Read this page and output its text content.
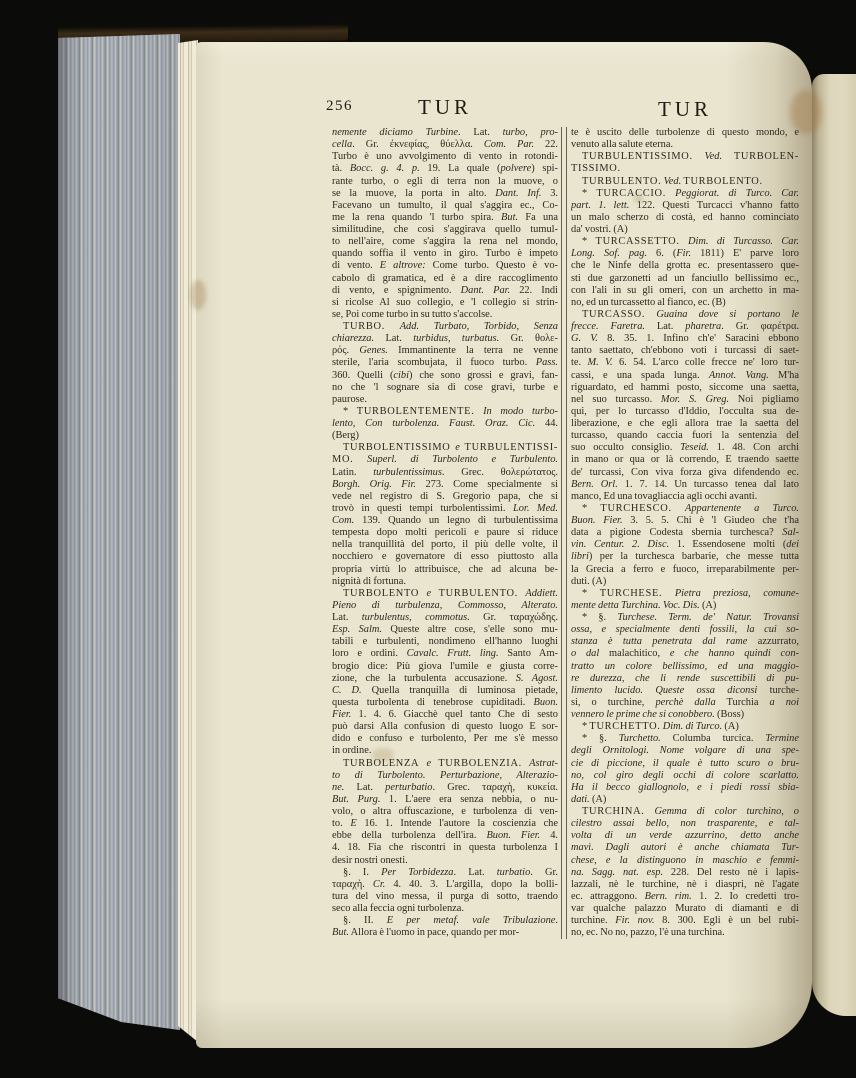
256	TUR	TUR
nemente diciamo Turbine. Lat. turbo, pro-
cella. Gr. ἐκνεφίας, θύελλα. Com. Par. 22.
Turbo è uno avvolgimento di vento in rotondi-
tà. Bocc. g. 4. p. 19. La quale (polvere) spi-
rante turbo, o egli di terra non la muove, o
se la muove, la porta in alto. Dant. Inf. 3.
Facevano un tumulto, il qual s'aggira ec., Co-
me la rena quando 'l turbo spira. But. Fa una
similitudine, che così s'aggirava quello tumul-
to nell'aire, come s'aggira la rena nel mondo,
quando soffia il vento in giro. Turbo è impeto
di vento. E altrove: Come turbo. Questo è vo-
cabolo di gramatica, ed è a dire raccoglimento
di vento, e spignimento. Dant. Par. 22. Indi
si ricolse Al suo collegio, e 'l collegio si strin-
se, Poi come turbo in su tutto s'accolse.
TURBO. Add. Turbato, Torbido, Senza
chiarezza. Lat. turbidus, turbatus. Gr. θολε-
ρός. Genes. Immantinente la terra ne venne
sterile, l'aria scombujata, il fuoco turbo. Pass.
360. Quelli (cibi) che sono grossi e gravi, fan-
no che 'l sognare sia di cose gravi, turbe e
paurose.
* TURBOLENTEMENTE. In modo turbo-
lento, Con turbolenza. Faust. Oraz. Cic. 44.
(Berg)
TURBOLENTISSIMO e TURBULENTISSI-
MO. Superl. di Turbolento e Turbulento.
Latin. turbulentissimus. Grec. θολερώτατος.
Borgh. Orig. Fir. 273. Come specialmente si
vede nel registro di S. Gregorio papa, che si
trovò in questi tempi turbolentissimi. Lor. Med.
Com. 139. Quando un legno di turbulentissima
tempesta dopo molti pericoli e paure si riduce
nella tranquillità del porto, il più delle volte, il
nocchiero e governatore di esso piuttosto alla
propria virtù lo attribuisce, che ad alcuna be-
nignità di fortuna.
TURBOLENTO e TURBULENTO. Addiett.
Pieno di turbulenza, Commosso, Alterato.
Lat. turbulentus, commotus. Gr. ταραχώδης.
Esp. Salm. Queste altre cose, s'elle sono mu-
tabili e turbulenti, nondimeno ell'hanno luoghi
loro e ordini. Cavalc. Frutt. ling. Santo Am-
brogio dice: Più giova l'umile e giusta corre-
zione, che la turbulenta accusazione. S. Agost.
C. D. Quella tranquilla di luminosa pietade,
questa turbolenta di tenebrose cupiditadi. Buon.
Fier. 1. 4. 6. Giacchè quel tanto Che di sesto
può darsi Alla confusion di questo luogo E sor-
dido e confuso e turbolento, Per me s'è messo
in ordine.
TURBOLENZA e TURBOLENZIA. Astrat-
to di Turbolento. Perturbazione, Alterazio-
ne. Lat. perturbatio. Grec. ταραχὴ, κυκεία.
But. Purg. 1. L'aere era senza nebbia, o nu-
volo, o altra offuscazione, e turbolenza di ven-
to. E 16. 1. Intende l'autore la coscienzia che
ebbe della turbolenza dell'ira. Buon. Fier. 4.
4. 18. Fia che riscontri in questa turbolenza I
desir nostri onesti.
§. I. Per Torbidezza. Lat. turbatio. Gr.
ταραχὴ. Cr. 4. 40. 3. L'argilla, dopo la bolli-
tura del vino messa, il purga di sotto, traendo
seco alla feccia ogni turbolenza.
§. II. E per metaf. vale Tribulazione.
But. Allora è l'uomo in pace, quando per mor-
te è uscito delle turbolenze di questo mondo, e
venuto alla salute eterna.
TURBULENTISSIMO. Ved. TURBOLEN-
TISSIMO.
TURBULENTO. Ved. TURBOLENTO.
* TURCACCIO. Peggiorat. di Turco. Car.
part. 1. lett. 122. Questi Turcacci v'hanno fatto
un malo scherzo di costà, ed hanno cominciato
da' vostri. (A)
* TURCASSETTO. Dim. di Turcasso. Car.
Long. Sof. pag. 6. (Fir. 1811) E' parve loro
che le Ninfe della grotta ec. presentassero que-
sti due garzonetti ad un fanciullo bellissimo ec.,
con l'ali in su gli omeri, con un archetto in ma-
no, ed un turcassetto al fianco, ec. (B)
TURCASSO. Guaina dove si portano le
frecce. Faretra. Lat. pharetra. Gr. φαρέτρα.
G. V. 8. 35. 1. Infino ch'e' Saracini ebbono
tanto saettato, ch'ebbono voti i turcassi di saet-
te. M. V. 6. 54. L'arco colle frecce ne' loro tur-
cassi, e una spada lunga. Annot. Vang. M'ha
riguardato, ed hammi posto, siccome una saetta,
nel suo turcasso. Mor. S. Greg. Noi pigliamo
qui, per lo turcasso d'Iddio, l'occulta sua de-
liberazione, e che egli allora trae la saetta del
turcasso, quando caccia fuori la sentenzia del
suo occulto consiglio. Teseid. 1. 48. Con archi
in mano or qua or là correndo, E traendo saette
de' turcassi, Con viva forza giva difendendo ec.
Bern. Orl. 1. 7. 14. Un turcasso tenea dal lato
manco, Ed una tovagliaccia agli occhi avanti.
* TURCHESCO. Appartenente a Turco.
Buon. Fier. 3. 5. 5. Chi è 'l Giudeo che t'ha
data a pigione Codesta sbernia turchesca? Sal-
vin. Centur. 2. Disc. 1. Essendosene molti (dei
libri) per la turchesca barbarie, che messe tutta
la Grecia a ferro e fuoco, irreparabilmente per-
duti. (A)
* TURCHESE. Pietra preziosa, comune-
mente detta Turchina. Voc. Dis. (A)
* §. Turchese. Term. de' Natur. Trovansi
ossa, e specialmente denti fossili, la cui so-
stanza è tutta penetrata dal rame azzurrato,
o dal malachitico, e che hanno quindi con-
tratto un colore bellissimo, ed una maggio-
re durezza, che li rende suscettibili di pu-
limento lucido. Queste ossa diconsi turche-
si, o turchine, perchè dalla Turchia a noi
vennero le prime che si conobbero. (Boss)
* TURCHETTO. Dim. di Turco. (A)
* §. Turchetto. Columba turcica. Termine
degli Ornitologi. Nome volgare di una spe-
cie di piccione, il quale è tutto scuro o bru-
no, col giro degli occhi di colore scarlatto.
Ha il becco giallognolo, e i piedi rossi sbia-
dati. (A)
TURCHINA. Gemma di color turchino, o
cilestro assai bello, non trasparente, e tal-
volta di un verde azzurrino, detto anche
mavì. Dagli autori è anche chiamata Tur-
chese, e la distinguono in maschio e femmi-
na. Sagg. nat. esp. 228. Del resto nè i lapis-
lazzali, nè le turchine, nè i diaspri, nè l'agate
ec. attraggono. Bern. rim. 1. 2. Io credetti tro-
var qualche palazzo Murato di diamanti e di
turchine. Fir. nov. 8. 300. Egli è un bel rubi-
no, ec. No no, pazzo, l'è una turchina.
